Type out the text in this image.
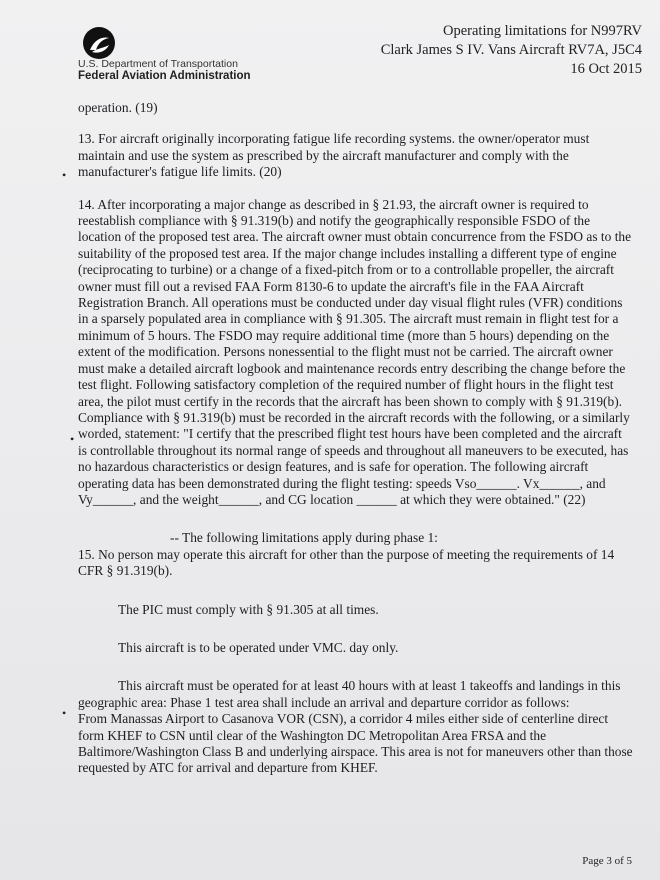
U.S. Department of Transportation
Federal Aviation Administration
Operating limitations for N997RV
Clark James S IV. Vans Aircraft RV7A, J5C4
16 Oct 2015

operation. (19)

13. For aircraft originally incorporating fatigue life recording systems. the owner/operator must maintain and use the system as prescribed by the aircraft manufacturer and comply with the manufacturer's fatigue life limits. (20)

14. After incorporating a major change as described in § 21.93, the aircraft owner is required to reestablish compliance with § 91.319(b) and notify the geographically responsible FSDO of the location of the proposed test area. The aircraft owner must obtain concurrence from the FSDO as to the suitability of the proposed test area. If the major change includes installing a different type of engine (reciprocating to turbine) or a change of a fixed-pitch from or to a controllable propeller, the aircraft owner must fill out a revised FAA Form 8130-6 to update the aircraft's file in the FAA Aircraft Registration Branch. All operations must be conducted under day visual flight rules (VFR) conditions in a sparsely populated area in compliance with § 91.305. The aircraft must remain in flight test for a minimum of 5 hours. The FSDO may require additional time (more than 5 hours) depending on the extent of the modification. Persons nonessential to the flight must not be carried. The aircraft owner must make a detailed aircraft logbook and maintenance records entry describing the change before the test flight. Following satisfactory completion of the required number of flight hours in the flight test area, the pilot must certify in the records that the aircraft has been shown to comply with § 91.319(b). Compliance with § 91.319(b) must be recorded in the aircraft records with the following, or a similarly worded, statement: "I certify that the prescribed flight test hours have been completed and the aircraft is controllable throughout its normal range of speeds and throughout all maneuvers to be executed, has no hazardous characteristics or design features, and is safe for operation. The following aircraft operating data has been demonstrated during the flight testing: speeds Vso______. Vx______, and Vy______, and the weight______, and CG location ______ at which they were obtained." (22)

-- The following limitations apply during phase 1:

15. No person may operate this aircraft for other than the purpose of meeting the requirements of 14 CFR § 91.319(b).

The PIC must comply with § 91.305 at all times.

This aircraft is to be operated under VMC. day only.

This aircraft must be operated for at least 40 hours with at least 1 takeoffs and landings in this geographic area: Phase 1 test area shall include an arrival and departure corridor as follows:

From Manassas Airport to Casanova VOR (CSN), a corridor 4 miles either side of centerline direct form KHEF to CSN until clear of the Washington DC Metropolitan Area FRSA and the Baltimore/Washington Class B and underlying airspace. This area is not for maneuvers other than those requested by ATC for arrival and departure from KHEF.

•
•
•
Page 3 of 5
